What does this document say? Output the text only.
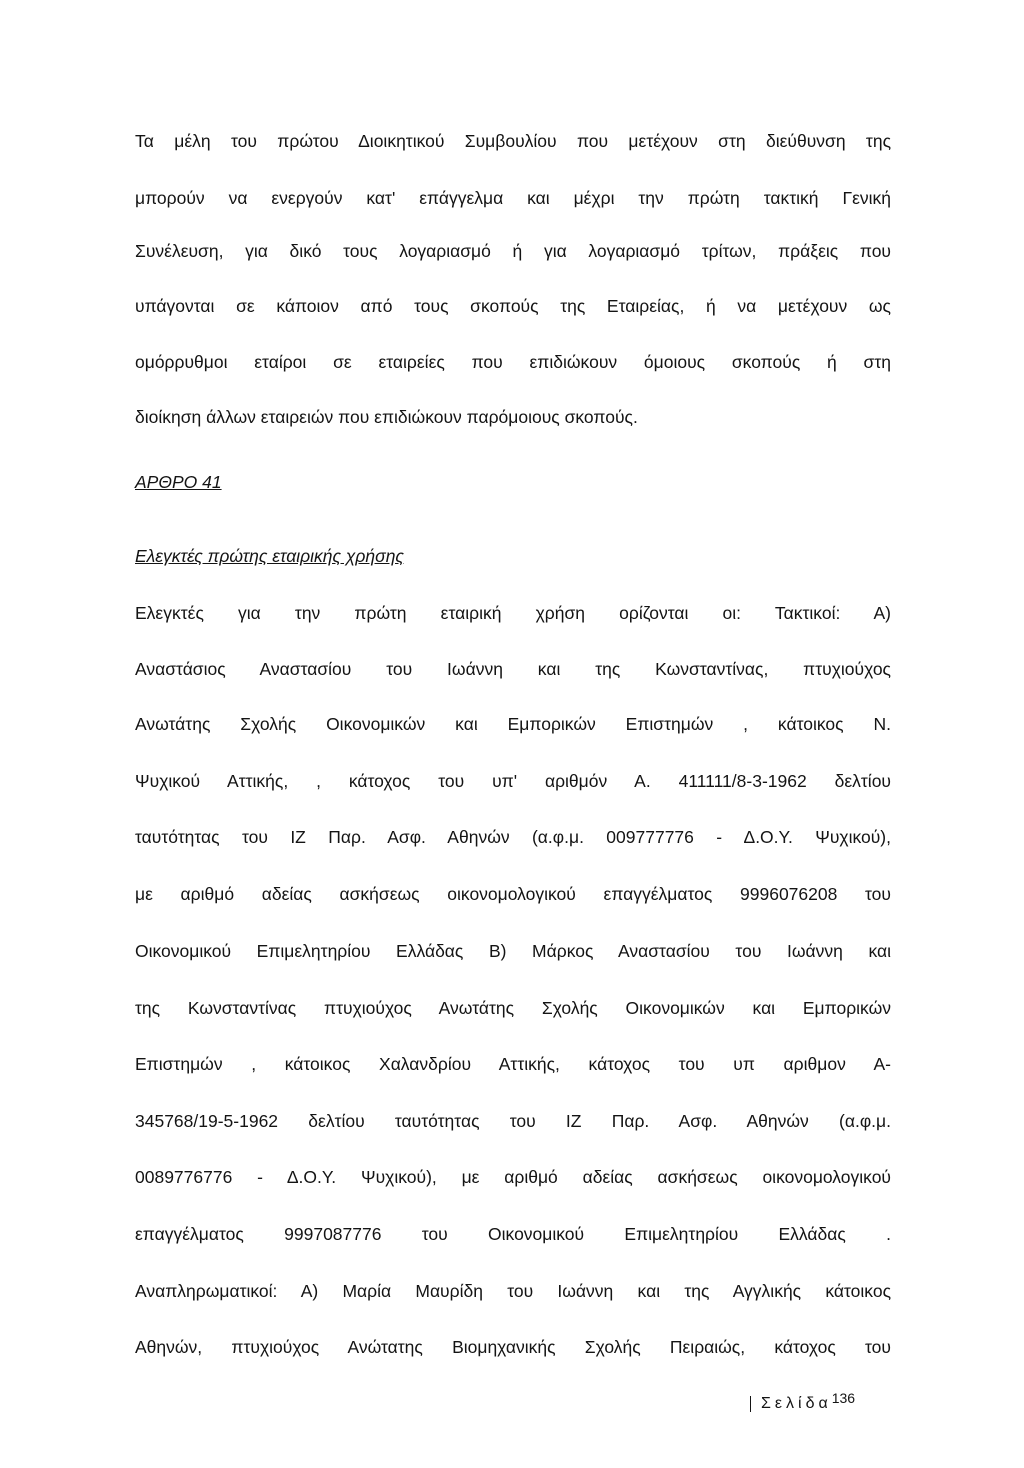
Τα μέλη του πρώτου Διοικητικού Συμβουλίου που μετέχουν στη διεύθυνση της
μπορούν να ενεργούν κατ' επάγγελμα και μέχρι την πρώτη τακτική Γενική
Συνέλευση, για δικό τους λογαριασμό ή για λογαριασμό τρίτων, πράξεις που
υπάγονται σε κάποιον από τους σκοπούς της Εταιρείας, ή να μετέχουν ως
ομόρρυθμοι εταίροι σε εταιρείες που επιδιώκουν όμοιους σκοπούς ή στη
διοίκηση άλλων εταιρειών που επιδιώκουν παρόμοιους σκοπούς.
ΑΡΘΡΟ 41
Ελεγκτές πρώτης εταιρικής χρήσης
Ελεγκτές για την πρώτη εταιρική χρήση ορίζονται οι: Τακτικοί: Α)
Αναστάσιος Αναστασίου του Ιωάννη και της Κωνσταντίνας, πτυχιούχος
Ανωτάτης Σχολής Οικονομικών και Εμπορικών Επιστημών , κάτοικος Ν.
Ψυχικού Αττικής, , κάτοχος του υπ' αριθμόν Α. 411111/8-3-1962 δελτίου
ταυτότητας του ΙΖ Παρ. Ασφ. Αθηνών (α.φ.μ. 009777776 - Δ.Ο.Υ. Ψυχικού),
με αριθμό αδείας ασκήσεως οικονομολογικού επαγγέλματος 9996076208 του
Οικονομικού Επιμελητηρίου Ελλάδας Β) Μάρκος Αναστασίου του Ιωάννη και
της Κωνσταντίνας πτυχιούχος Ανωτάτης Σχολής Οικονομικών και Εμπορικών
Επιστημών , κάτοικος Χαλανδρίου Αττικής, κάτοχος του υπ αριθμον Α-
345768/19-5-1962 δελτίου ταυτότητας του ΙΖ Παρ. Ασφ. Αθηνών (α.φ.μ.
0089776776 - Δ.Ο.Υ. Ψυχικού), με αριθμό αδείας ασκήσεως οικονομολογικού
επαγγέλματος 9997087776 του Οικονομικού Επιμελητηρίου Ελλάδας .
Αναπληρωματικοί: Α) Μαρία Μαυρίδη του Ιωάννη και της Αγγλικής κάτοικος
Αθηνών, πτυχιούχος Ανώτατης Βιομηχανικής Σχολής Πειραιώς, κάτοχος του
Σελίδα136
